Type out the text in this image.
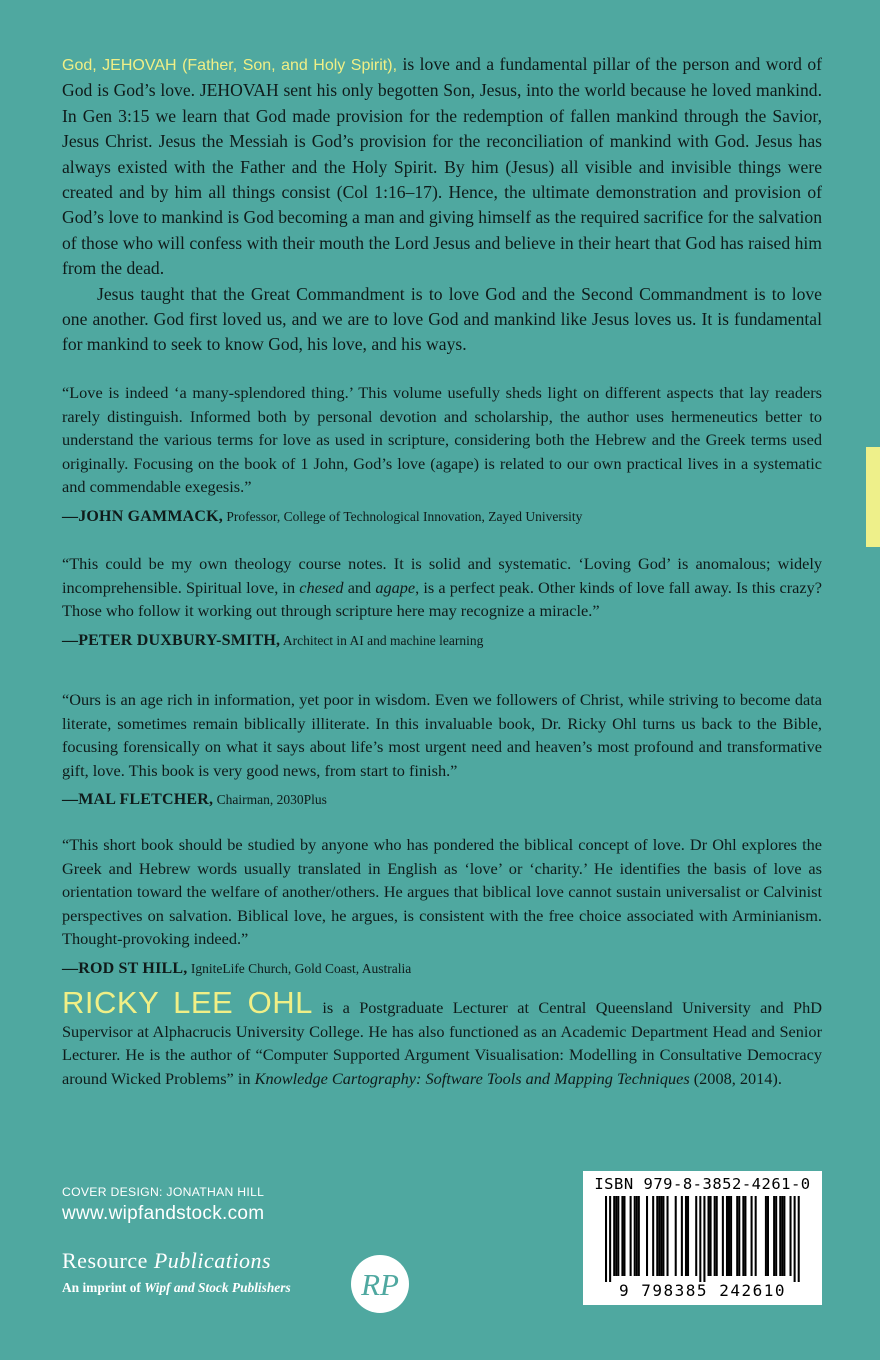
God, JEHOVAH (Father, Son, and Holy Spirit), is love and a fundamental pillar of the person and word of God is God’s love. JEHOVAH sent his only begotten Son, Jesus, into the world because he loved mankind. In Gen 3:15 we learn that God made provision for the redemption of fallen mankind through the Savior, Jesus Christ. Jesus the Messiah is God’s provision for the reconciliation of mankind with God. Jesus has always existed with the Father and the Holy Spirit. By him (Jesus) all visible and invisible things were created and by him all things consist (Col 1:16–17). Hence, the ultimate demonstration and provision of God’s love to mankind is God becoming a man and giving himself as the required sacrifice for the salvation of those who will confess with their mouth the Lord Jesus and believe in their heart that God has raised him from the dead.

Jesus taught that the Great Commandment is to love God and the Second Commandment is to love one another. God first loved us, and we are to love God and mankind like Jesus loves us. It is fundamental for mankind to seek to know God, his love, and his ways.

“Love is indeed ‘a many-splendored thing.’ This volume usefully sheds light on different aspects that lay readers rarely distinguish. Informed both by personal devotion and scholarship, the author uses hermeneutics better to understand the various terms for love as used in scripture, considering both the Hebrew and the Greek terms used originally. Focusing on the book of 1 John, God’s love (agape) is related to our own practical lives in a systematic and commendable exegesis.”

—JOHN GAMMACK, Professor, College of Technological Innovation, Zayed University

“This could be my own theology course notes. It is solid and systematic. ‘Loving God’ is anomalous; widely incomprehensible. Spiritual love, in chesed and agape, is a perfect peak. Other kinds of love fall away. Is this crazy? Those who follow it working out through scripture here may recognize a miracle.”

—PETER DUXBURY-SMITH, Architect in AI and machine learning

“Ours is an age rich in information, yet poor in wisdom. Even we followers of Christ, while striving to become data literate, sometimes remain biblically illiterate. In this invaluable book, Dr. Ricky Ohl turns us back to the Bible, focusing forensically on what it says about life’s most urgent need and heaven’s most profound and transformative gift, love. This book is very good news, from start to finish.”

—MAL FLETCHER, Chairman, 2030Plus

“This short book should be studied by anyone who has pondered the biblical concept of love. Dr Ohl explores the Greek and Hebrew words usually translated in English as ‘love’ or ‘charity.’ He identifies the basis of love as orientation toward the welfare of another/others. He argues that biblical love cannot sustain universalist or Calvinist perspectives on salvation. Biblical love, he argues, is consistent with the free choice associated with Arminianism. Thought-provoking indeed.”

—ROD ST HILL, IgniteLife Church, Gold Coast, Australia

RICKY LEE OHL is a Postgraduate Lecturer at Central Queensland University and PhD Supervisor at Alphacrucis University College. He has also functioned as an Academic Department Head and Senior Lecturer. He is the author of “Computer Supported Argument Visualisation: Modelling in Consultative Democracy around Wicked Problems” in Knowledge Cartography: Software Tools and Mapping Techniques (2008, 2014).

COVER DESIGN: JONATHAN HILL
www.wipfandstock.com
Resource Publications
An imprint of Wipf and Stock Publishers RP
ISBN 979-8-3852-4261-0
9 798385 242610
